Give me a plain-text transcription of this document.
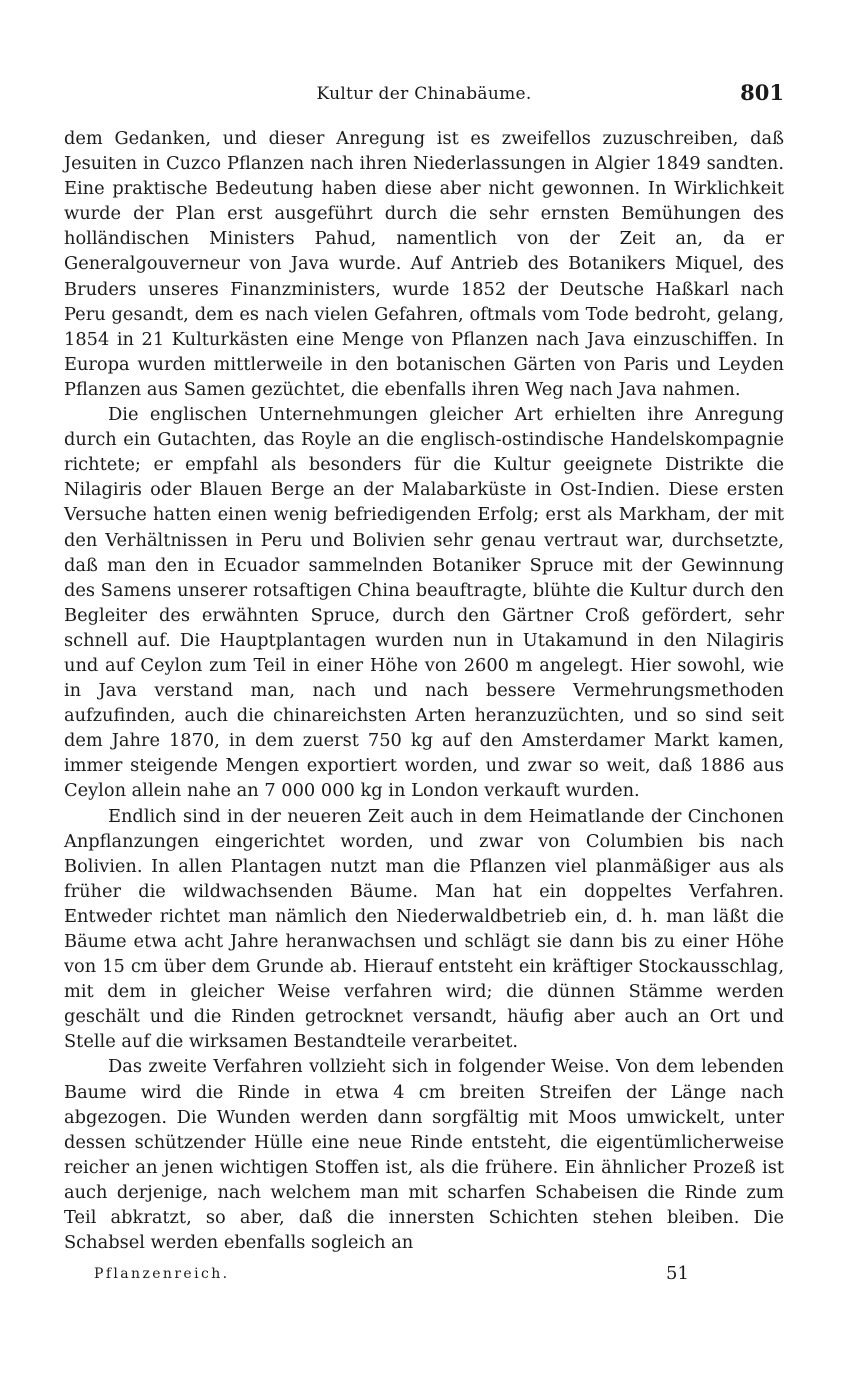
Kultur der Chinabäume.	801

dem Gedanken, und dieser Anregung ist es zweifellos zuzuschreiben, daß Jesuiten in Cuzco Pflanzen nach ihren Niederlassungen in Algier 1849 sandten. Eine praktische Bedeutung haben diese aber nicht gewonnen. In Wirklichkeit wurde der Plan erst ausgeführt durch die sehr ernsten Bemühungen des holländischen Ministers Pahud, namentlich von der Zeit an, da er Generalgouverneur von Java wurde. Auf Antrieb des Botanikers Miquel, des Bruders unseres Finanzministers, wurde 1852 der Deutsche Haßkarl nach Peru gesandt, dem es nach vielen Gefahren, oftmals vom Tode bedroht, gelang, 1854 in 21 Kulturkästen eine Menge von Pflanzen nach Java einzuschiffen. In Europa wurden mittlerweile in den botanischen Gärten von Paris und Leyden Pflanzen aus Samen gezüchtet, die ebenfalls ihren Weg nach Java nahmen.

Die englischen Unternehmungen gleicher Art erhielten ihre Anregung durch ein Gutachten, das Royle an die englisch-ostindische Handelskompagnie richtete; er empfahl als besonders für die Kultur geeignete Distrikte die Nilagiris oder Blauen Berge an der Malabarküste in Ost-Indien. Diese ersten Versuche hatten einen wenig befriedigenden Erfolg; erst als Markham, der mit den Verhältnissen in Peru und Bolivien sehr genau vertraut war, durchsetzte, daß man den in Ecuador sammelnden Botaniker Spruce mit der Gewinnung des Samens unserer rotsaftigen China beauftragte, blühte die Kultur durch den Begleiter des erwähnten Spruce, durch den Gärtner Croß gefördert, sehr schnell auf. Die Hauptplantagen wurden nun in Utakamund in den Nilagiris und auf Ceylon zum Teil in einer Höhe von 2600 m angelegt. Hier sowohl, wie in Java verstand man, nach und nach bessere Vermehrungsmethoden aufzufinden, auch die chinareichsten Arten heranzuzüchten, und so sind seit dem Jahre 1870, in dem zuerst 750 kg auf den Amsterdamer Markt kamen, immer steigende Mengen exportiert worden, und zwar so weit, daß 1886 aus Ceylon allein nahe an 7 000 000 kg in London verkauft wurden.

Endlich sind in der neueren Zeit auch in dem Heimatlande der Cinchonen Anpflanzungen eingerichtet worden, und zwar von Columbien bis nach Bolivien. In allen Plantagen nutzt man die Pflanzen viel planmäßiger aus als früher die wildwachsenden Bäume. Man hat ein doppeltes Verfahren. Entweder richtet man nämlich den Niederwaldbetrieb ein, d. h. man läßt die Bäume etwa acht Jahre heranwachsen und schlägt sie dann bis zu einer Höhe von 15 cm über dem Grunde ab. Hierauf entsteht ein kräftiger Stockausschlag, mit dem in gleicher Weise verfahren wird; die dünnen Stämme werden geschält und die Rinden getrocknet versandt, häufig aber auch an Ort und Stelle auf die wirksamen Bestandteile verarbeitet.

Das zweite Verfahren vollzieht sich in folgender Weise. Von dem lebenden Baume wird die Rinde in etwa 4 cm breiten Streifen der Länge nach abgezogen. Die Wunden werden dann sorgfältig mit Moos umwickelt, unter dessen schützender Hülle eine neue Rinde entsteht, die eigentümlicherweise reicher an jenen wichtigen Stoffen ist, als die frühere. Ein ähnlicher Prozeß ist auch derjenige, nach welchem man mit scharfen Schabeisen die Rinde zum Teil abkratzt, so aber, daß die innersten Schichten stehen bleiben. Die Schabsel werden ebenfalls sogleich an

Pflanzenreich.	51
